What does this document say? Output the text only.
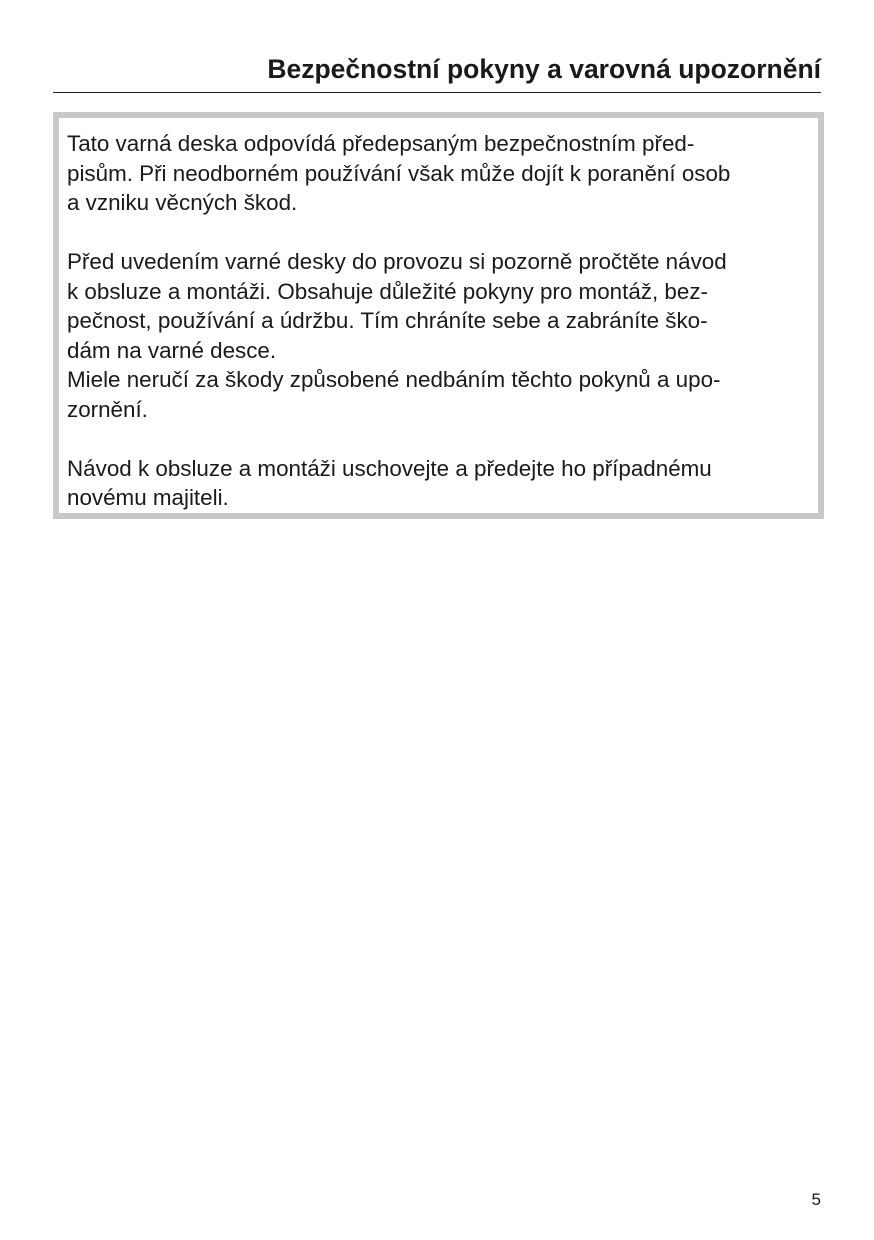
Bezpečnostní pokyny a varovná upozornění

Tato varná deska odpovídá předepsaným bezpečnostním před-
pisům. Při neodborném používání však může dojít k poranění osob
a vzniku věcných škod.

Před uvedením varné desky do provozu si pozorně pročtěte návod
k obsluze a montáži. Obsahuje důležité pokyny pro montáž, bez-
pečnost, používání a údržbu. Tím chráníte sebe a zabráníte ško-
dám na varné desce.

Miele neručí za škody způsobené nedbáním těchto pokynů a upo-
zornění.

Návod k obsluze a montáži uschovejte a předejte ho případnému
novému majiteli.

5
